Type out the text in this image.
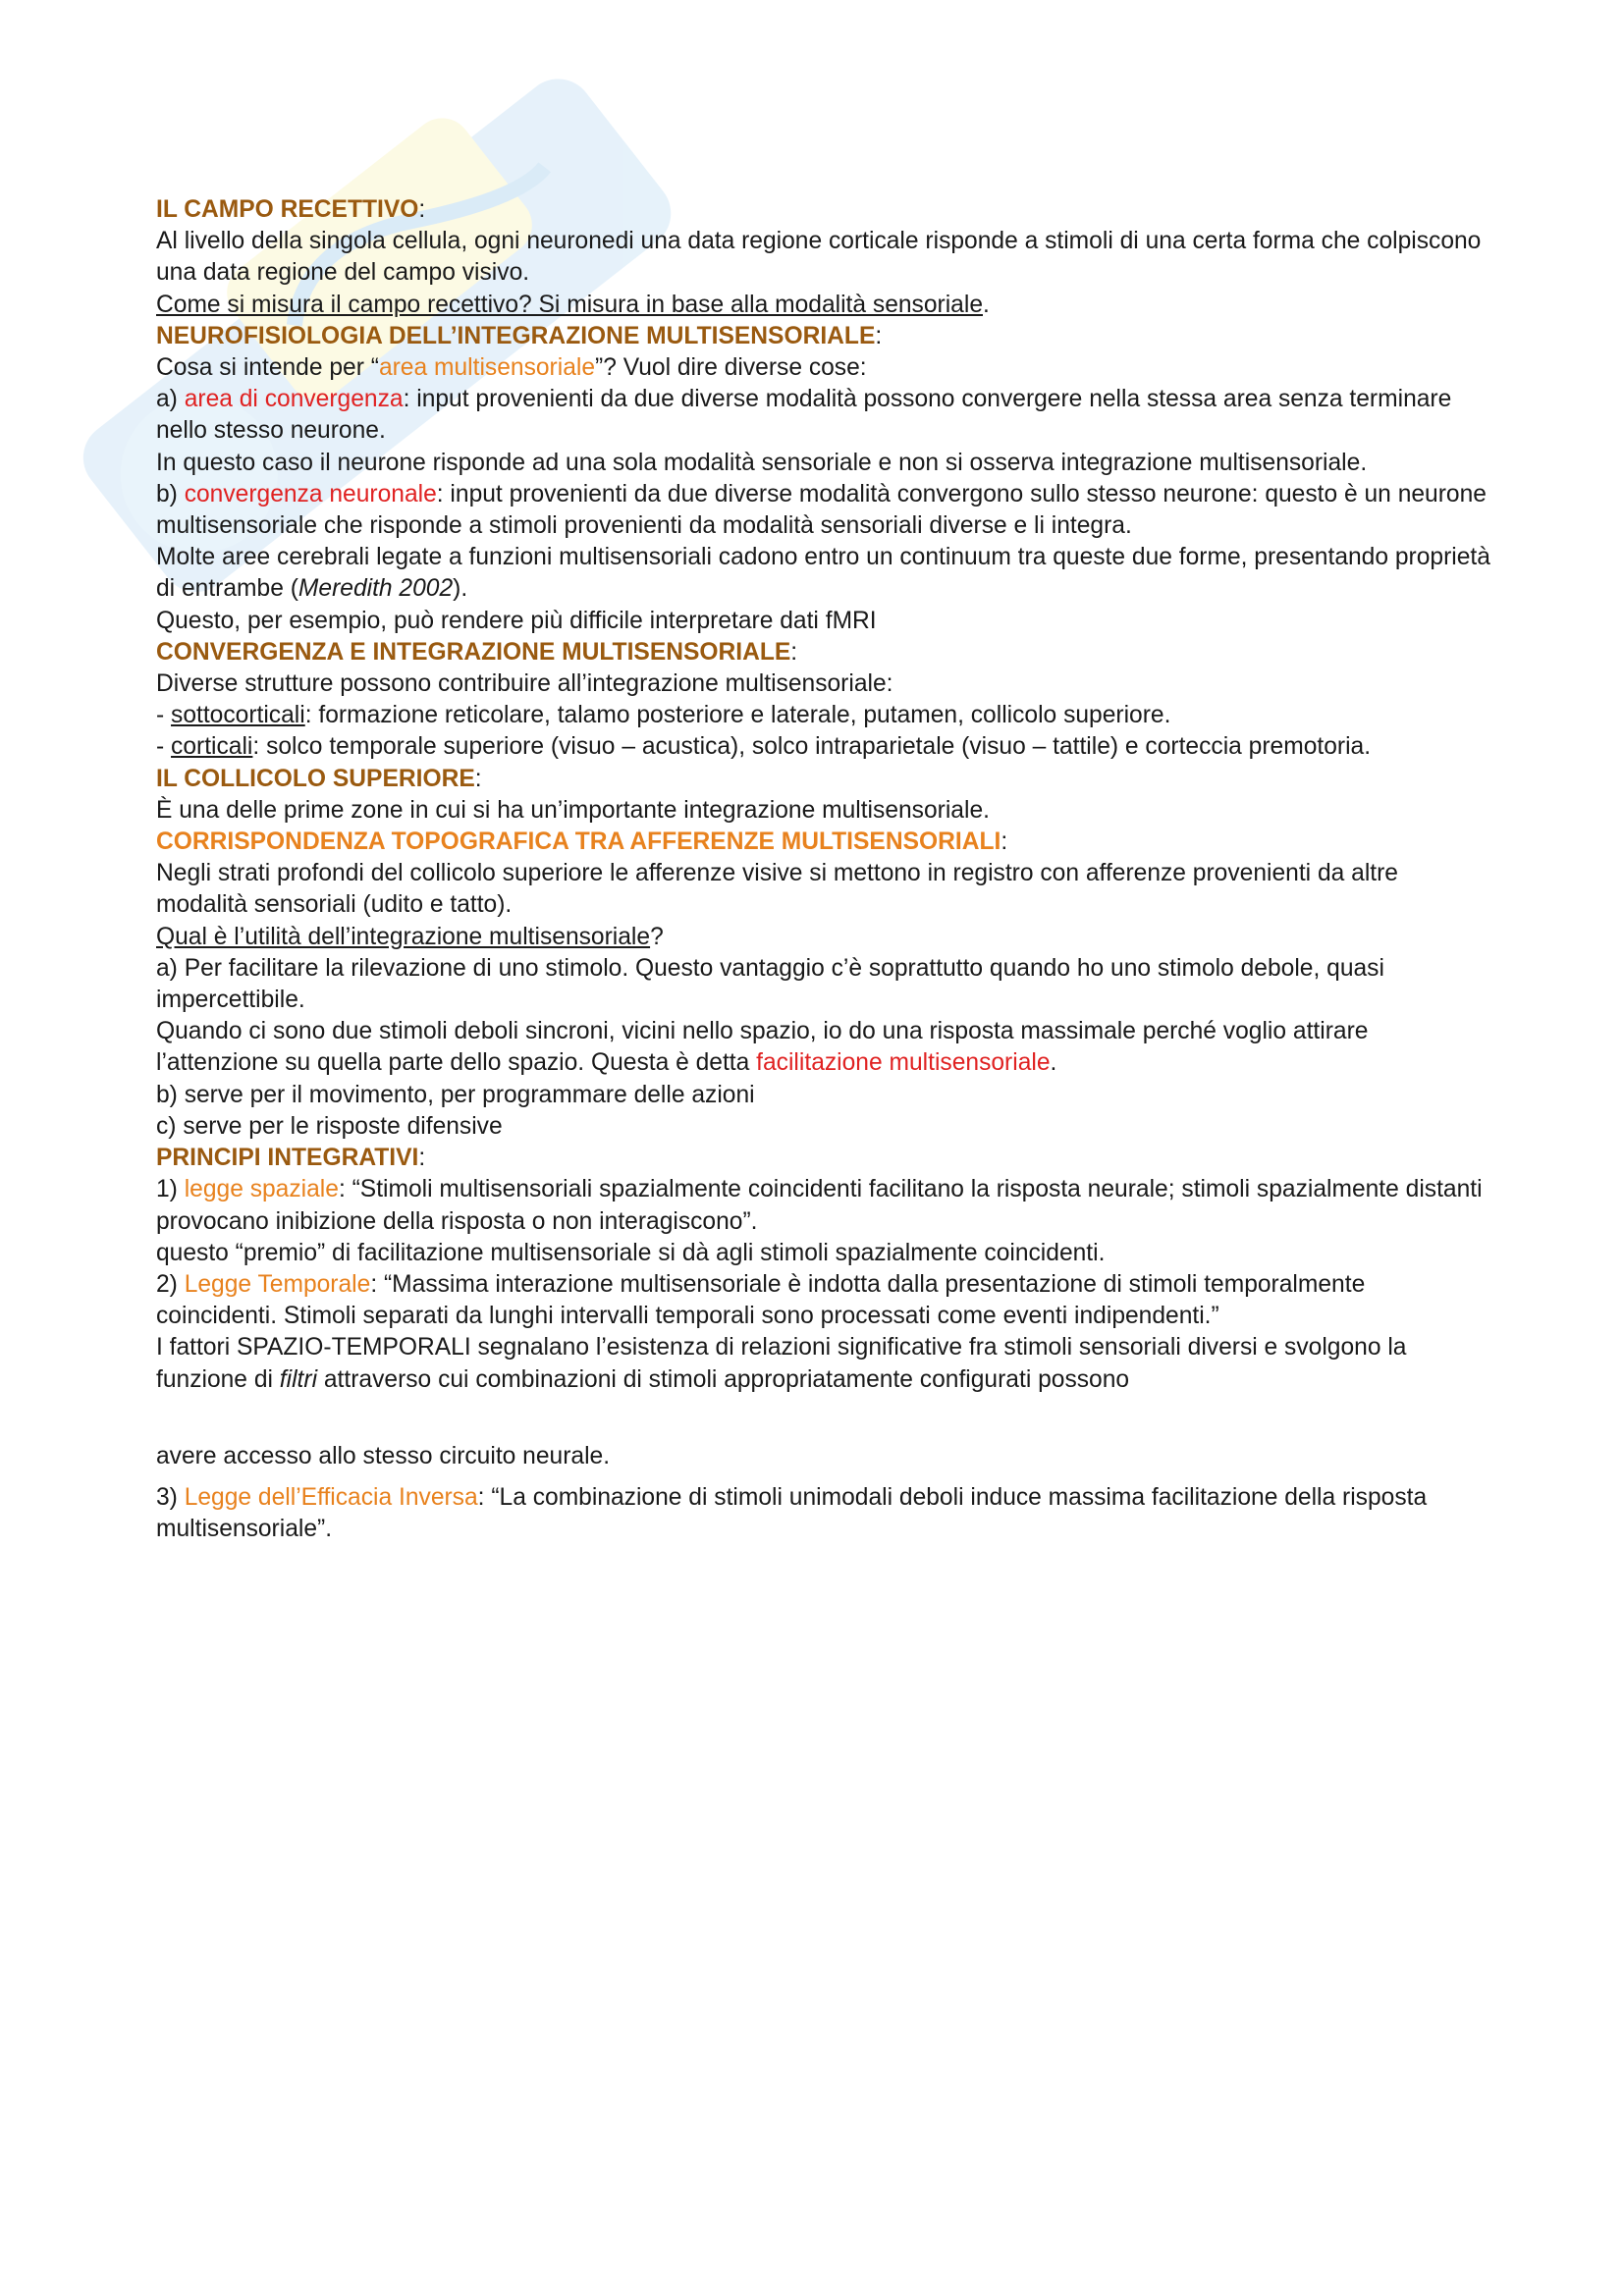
IL CAMPO RECETTIVO:

Al livello della singola cellula, ogni neuronedi una data regione corticale risponde a stimoli di una certa forma che colpiscono una data regione del campo visivo.

Come si misura il campo recettivo? Si misura in base alla modalità sensoriale.

NEUROFISIOLOGIA DELL’INTEGRAZIONE MULTISENSORIALE:

Cosa si intende per “area multisensoriale”? Vuol dire diverse cose:

a) area di convergenza: input provenienti da due diverse modalità possono convergere nella stessa area senza terminare nello stesso neurone.

In questo caso il neurone risponde ad una sola modalità sensoriale e non si osserva integrazione multisensoriale.

b) convergenza neuronale: input provenienti da due diverse modalità convergono sullo stesso neurone: questo è un neurone multisensoriale che risponde a stimoli provenienti da modalità sensoriali diverse e li integra.

Molte aree cerebrali legate a funzioni multisensoriali cadono entro un continuum tra queste due forme, presentando proprietà di entrambe (Meredith 2002).

Questo, per esempio, può rendere più difficile interpretare dati fMRI

CONVERGENZA E INTEGRAZIONE MULTISENSORIALE:

Diverse strutture possono contribuire all’integrazione multisensoriale:

- sottocorticali: formazione reticolare, talamo posteriore e laterale, putamen, collicolo superiore.

- corticali: solco temporale superiore (visuo – acustica), solco intraparietale (visuo – tattile) e corteccia premotoria.

IL COLLICOLO SUPERIORE:

È una delle prime zone in cui si ha un’importante integrazione multisensoriale.

CORRISPONDENZA TOPOGRAFICA TRA AFFERENZE MULTISENSORIALI:

Negli strati profondi del collicolo superiore le afferenze visive si mettono in registro con afferenze provenienti da altre modalità sensoriali (udito e tatto).

Qual è l’utilità dell’integrazione multisensoriale?

a) Per facilitare la rilevazione di uno stimolo. Questo vantaggio c’è soprattutto quando ho uno stimolo debole, quasi impercettibile.

Quando ci sono due stimoli deboli sincroni, vicini nello spazio, io do una risposta massimale perché voglio attirare l’attenzione su quella parte dello spazio. Questa è detta facilitazione multisensoriale.

b) serve per il movimento, per programmare delle azioni

c) serve per le risposte difensive

PRINCIPI INTEGRATIVI:

1) legge spaziale: “Stimoli multisensoriali spazialmente coincidenti facilitano la risposta neurale; stimoli spazialmente distanti provocano inibizione della risposta o non interagiscono”.

questo “premio” di facilitazione multisensoriale si dà agli stimoli spazialmente coincidenti.

2) Legge Temporale: “Massima interazione multisensoriale è indotta dalla presentazione di stimoli temporalmente coincidenti. Stimoli separati da lunghi intervalli temporali sono processati come eventi indipendenti.”

I fattori SPAZIO-TEMPORALI segnalano l’esistenza di relazioni significative fra stimoli sensoriali diversi e svolgono la funzione di filtri attraverso cui combinazioni di stimoli appropriatamente configurati possono

avere accesso allo stesso circuito neurale.

3) Legge dell’Efficacia Inversa: “La combinazione di stimoli unimodali deboli induce massima facilitazione della risposta multisensoriale”.
